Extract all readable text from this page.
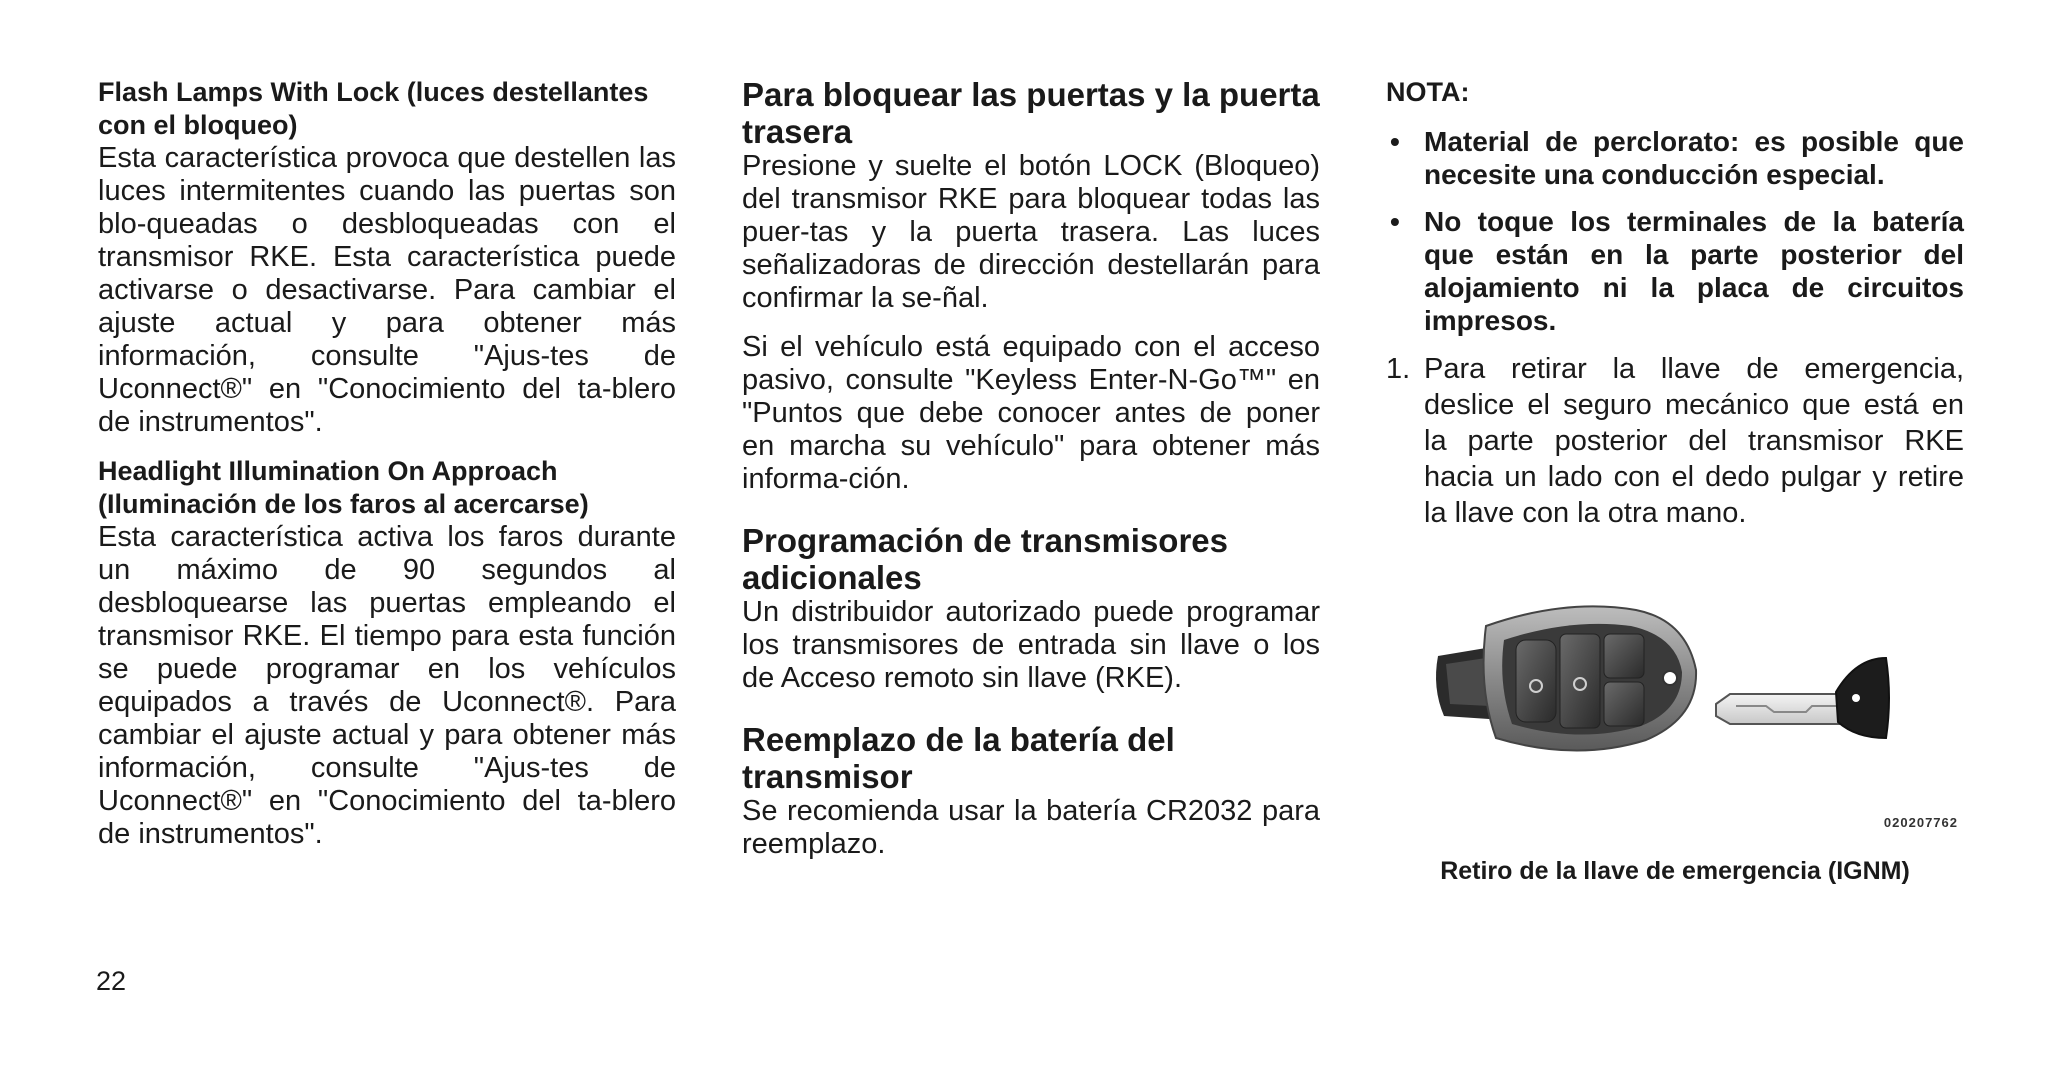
Flash Lamps With Lock (luces destellantes con el bloqueo)

Esta característica provoca que destellen las luces intermitentes cuando las puertas son blo-queadas o desbloqueadas con el transmisor RKE. Esta característica puede activarse o desactivarse. Para cambiar el ajuste actual y para obtener más información, consulte "Ajus-tes de Uconnect®" en "Conocimiento del ta-blero de instrumentos".

Headlight Illumination On Approach

(Iluminación de los faros al acercarse)

Esta característica activa los faros durante un máximo de 90 segundos al desbloquearse las puertas empleando el transmisor RKE. El tiempo para esta función se puede programar en los vehículos equipados a través de Uconnect®. Para cambiar el ajuste actual y para obtener más información, consulte "Ajus-tes de Uconnect®" en "Conocimiento del ta-blero de instrumentos".

Para bloquear las puertas y la puerta trasera

Presione y suelte el botón LOCK (Bloqueo) del transmisor RKE para bloquear todas las puer-tas y la puerta trasera. Las luces señalizadoras de dirección destellarán para confirmar la se-ñal.

Si el vehículo está equipado con el acceso pasivo, consulte "Keyless Enter-N-Go™" en "Puntos que debe conocer antes de poner en marcha su vehículo" para obtener más informa-ción.

Programación de transmisores adicionales

Un distribuidor autorizado puede programar los transmisores de entrada sin llave o los de Acceso remoto sin llave (RKE).

Reemplazo de la batería del transmisor

Se recomienda usar la batería CR2032 para reemplazo.

NOTA:

• Material de perclorato: es posible que necesite una conducción especial.
• No toque los terminales de la batería que están en la parte posterior del alojamiento ni la placa de circuitos impresos.
1. Para retirar la llave de emergencia, deslice el seguro mecánico que está en la parte posterior del transmisor RKE hacia un lado con el dedo pulgar y retire la llave con la otra mano.
020207762
Retiro de la llave de emergencia (IGNM)
22
